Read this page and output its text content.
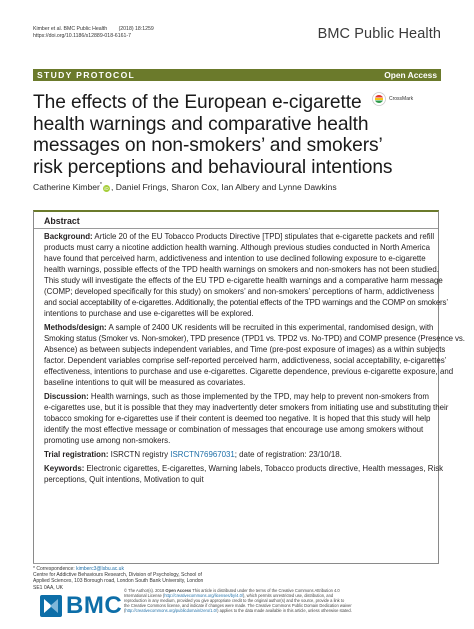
Kimber et al. BMC Public Health (2018) 18:1259
https://doi.org/10.1186/s12889-018-6161-7	BMC Public Health
STUDY PROTOCOL	Open Access
The effects of the European e-cigarette
health warnings and comparative health
messages on non-smokers’ and smokers’
risk perceptions and behavioural intentions
CrossMark
Catherine Kimber*iD , Daniel Frings, Sharon Cox, Ian Albery and Lynne Dawkins
Abstract
Background: Article 20 of the EU Tobacco Products Directive [TPD] stipulates that e-cigarette packets and refill
products must carry a nicotine addiction health warning. Although previous studies conducted in North America
have found that perceived harm, addictiveness and intention to use declined following exposure to e-cigarette
health warnings, possible effects of the TPD health warnings on smokers and non-smokers has not been studied.
This study will investigate the effects of the EU TPD e-cigarette health warnings and a comparative harm message
(COMP; developed specifically for this study) on smokers’ and non-smokers’ perceptions of harm, addictiveness
and social acceptability of e-cigarettes. Additionally, the potential effects of the TPD warnings and the COMP on smokers’
intentions to purchase and use e-cigarettes will be explored.
Methods/design: A sample of 2400 UK residents will be recruited in this experimental, randomised design, with
Smoking status (Smoker vs. Non-smoker), TPD presence (TPD1 vs. TPD2 vs. No-TPD) and COMP presence (Presence vs.
Absence) as between subjects independent variables, and Time (pre-post exposure of images) as a within subjects
factor. Dependent variables comprise self-reported perceived harm, addictiveness, social acceptability, e-cigarettes’
effectiveness, intentions to purchase and use e-cigarettes. Cigarette dependence, previous e-cigarette exposure, and
baseline intentions to quit will be measured as covariates.
Discussion: Health warnings, such as those implemented by the TPD, may help to prevent non-smokers from
e-cigarettes use, but it is possible that they may inadvertently deter smokers from initiating use and substituting their
tobacco smoking for e-cigarettes use if their content is deemed too negative. It is hoped that this study will help
identify the most effective message or combination of messages that encourage use among smokers without
promoting use among non-smokers.
Trial registration: ISRCTN registry ISRCTN76967031; date of registration: 23/10/18.
Keywords: Electronic cigarettes, E-cigarettes, Warning labels, Tobacco products directive, Health messages, Risk
perceptions, Quit intentions, Motivation to quit
* Correspondence: kimberc3@lsbu.ac.uk
Centre for Addictive Behaviours Research, Division of Psychology, School of
Applied Sciences, 103 Borough road, London South Bank University, London
SE1 0AA, UK
BMC
© The Author(s). 2018 Open Access This article is distributed under the terms of the Creative Commons Attribution 4.0
International License (http://creativecommons.org/licenses/by/4.0/), which permits unrestricted use, distribution, and
reproduction in any medium, provided you give appropriate credit to the original author(s) and the source, provide a link to
the Creative Commons license, and indicate if changes were made. The Creative Commons Public Domain Dedication waiver
(http://creativecommons.org/publicdomain/zero/1.0/) applies to the data made available in this article, unless otherwise stated.
